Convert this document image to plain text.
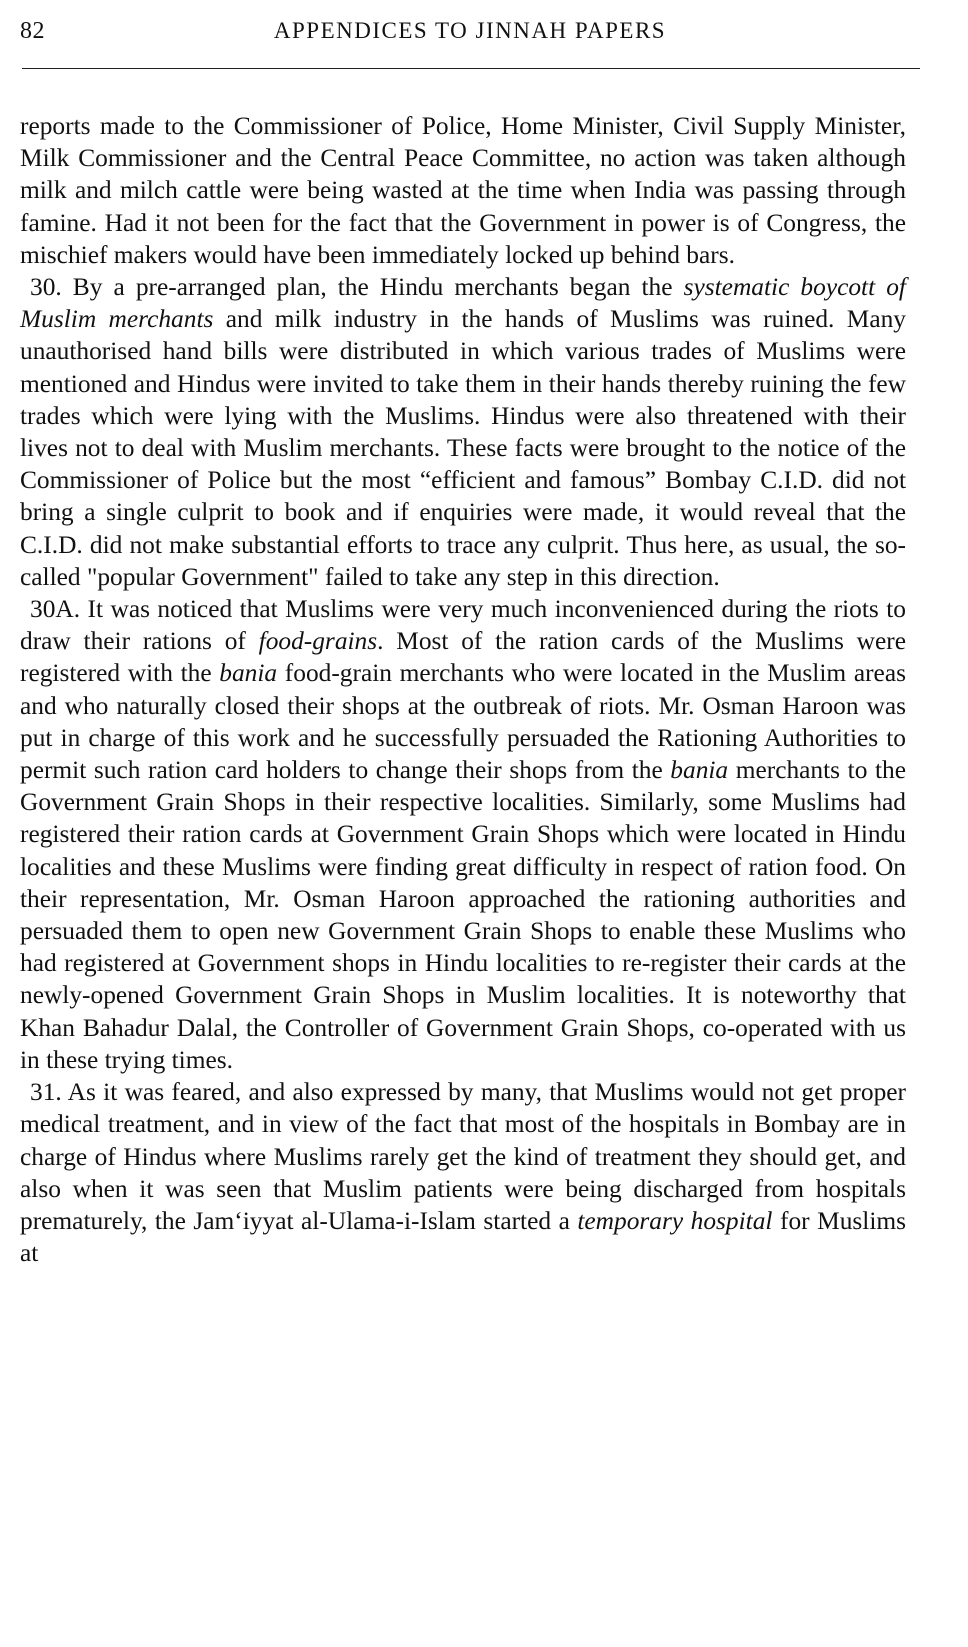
82	APPENDICES TO JINNAH PAPERS

reports made to the Commissioner of Police, Home Minister, Civil Supply Minister, Milk Commissioner and the Central Peace Committee, no action was taken although milk and milch cattle were being wasted at the time when India was passing through famine. Had it not been for the fact that the Government in power is of Congress, the mischief makers would have been immediately locked up behind bars.

30. By a pre-arranged plan, the Hindu merchants began the systematic boycott of Muslim merchants and milk industry in the hands of Muslims was ruined. Many unauthorised hand bills were distributed in which various trades of Muslims were mentioned and Hindus were invited to take them in their hands thereby ruining the few trades which were lying with the Muslims. Hindus were also threatened with their lives not to deal with Muslim merchants. These facts were brought to the notice of the Commissioner of Police but the most “efficient and famous” Bombay C.I.D. did not bring a single culprit to book and if enquiries were made, it would reveal that the C.I.D. did not make substantial efforts to trace any culprit. Thus here, as usual, the so-called "popular Government" failed to take any step in this direction.

30A. It was noticed that Muslims were very much inconvenienced during the riots to draw their rations of food-grains. Most of the ration cards of the Muslims were registered with the bania food-grain merchants who were located in the Muslim areas and who naturally closed their shops at the outbreak of riots. Mr. Osman Haroon was put in charge of this work and he successfully persuaded the Rationing Authorities to permit such ration card holders to change their shops from the bania merchants to the Government Grain Shops in their respective localities. Similarly, some Muslims had registered their ration cards at Government Grain Shops which were located in Hindu localities and these Muslims were finding great difficulty in respect of ration food. On their representation, Mr. Osman Haroon approached the rationing authorities and persuaded them to open new Government Grain Shops to enable these Muslims who had registered at Government shops in Hindu localities to re-register their cards at the newly-opened Government Grain Shops in Muslim localities. It is noteworthy that Khan Bahadur Dalal, the Controller of Government Grain Shops, co-operated with us in these trying times.

31. As it was feared, and also expressed by many, that Muslims would not get proper medical treatment, and in view of the fact that most of the hospitals in Bombay are in charge of Hindus where Muslims rarely get the kind of treatment they should get, and also when it was seen that Muslim patients were being discharged from hospitals prematurely, the Jam‘iyyat al-Ulama-i-Islam started a temporary hospital for Muslims at
